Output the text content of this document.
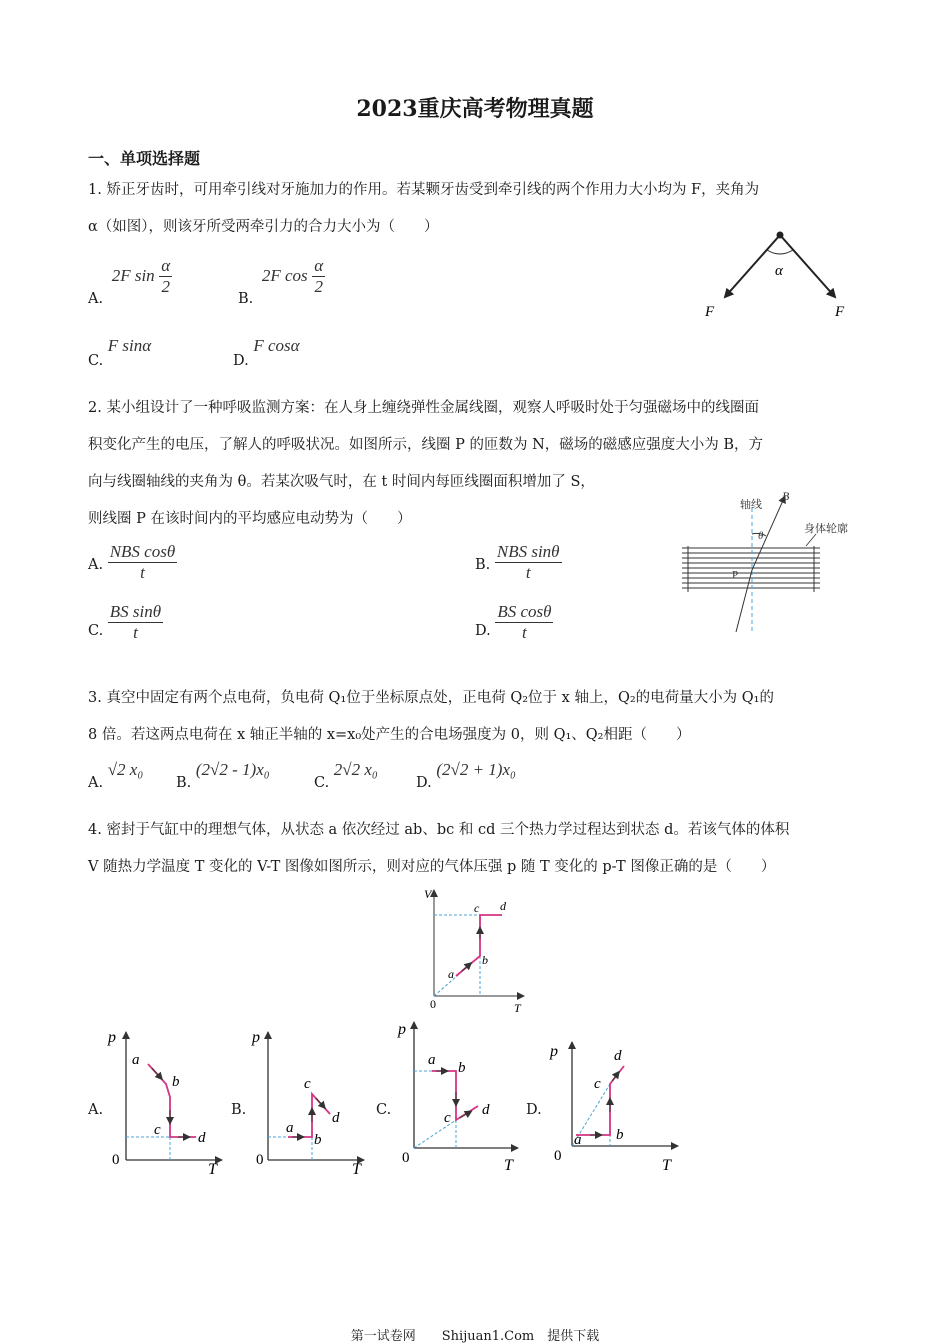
2023重庆高考物理真题
一、单项选择题
1. 矫正牙齿时，可用牵引线对牙施加力的作用。若某颗牙齿受到牵引线的两个作用力大小均为 F，夹角为
α（如图），则该牙所受两牵引力的合力大小为（　　）
A. 2F $\sin \frac{\alpha}{2}$
B. 2F $\cos \frac{\alpha}{2}$
C. F sinα
D. F cosα
α
F	F
2. 某小组设计了一种呼吸监测方案：在人身上缠绕弹性金属线圈，观察人呼吸时处于匀强磁场中的线圈面
积变化产生的电压，了解人的呼吸状况。如图所示，线圈 P 的匝数为 N，磁场的磁感应强度大小为 B，方
向与线圈轴线的夹角为 θ。若某次吸气时，在 t 时间内每匝线圈面积增加了 S，
则线圈 P 在该时间内的平均感应电动势为（　　）
A. $\frac{\text{NBS cosθ}}{t}$	B. $\frac{\text{NBS sinθ}}{t}$
C. $\frac{\text{BS sinθ}}{t}$	D. $\frac{\text{BS cosθ}}{t}$
轴线
B
θ
身体轮廓
P
3. 真空中固定有两个点电荷，负电荷 Q₁位于坐标原点处，正电荷 Q₂位于 x 轴上，Q₂的电荷量大小为 Q₁的
8 倍。若这两点电荷在 x 轴正半轴的 x=x₀处产生的合电场强度为 0，则 Q₁、Q₂相距（　　）
A. √2 x₀
B. (2√2 - 1)x₀
C. 2√2 x₀
D. (2√2 + 1)x₀
4. 密封于气缸中的理想气体，从状态 a 依次经过 ab、bc 和 cd 三个热力学过程达到状态 d。若该气体的体积
V 随热力学温度 T 变化的 V-T 图像如图所示，则对应的气体压强 p 随 T 变化的 p-T 图像正确的是（　　）
V
T
0
a
b
c d
A.
p
T
0
a
b
c d
B.
p
T
0
a
b
c
d	C.
p
T
0
a b
c d	D.
p
T
0
a b
c
d
第一试卷网　　Shijuan1.Com　提供下载
